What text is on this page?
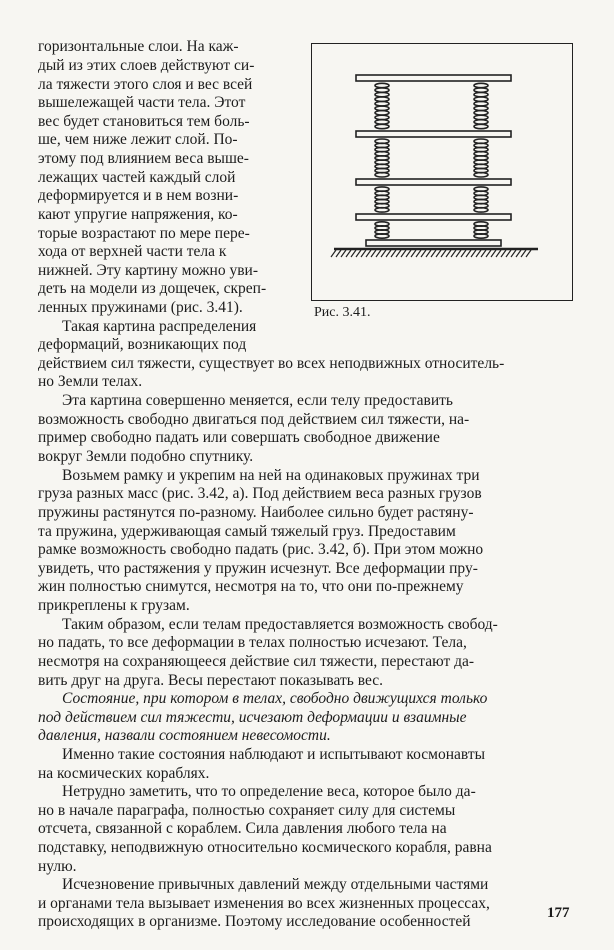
горизонтальные слои. На каж-
дый из этих слоев действуют си-
ла тяжести этого слоя и вес всей
вышележащей части тела. Этот
вес будет становиться тем боль-
ше, чем ниже лежит слой. По-
этому под влиянием веса выше-
лежащих частей каждый слой
деформируется и в нем возни-
кают упругие напряжения, ко-
торые возрастают по мере пере-
хода от верхней части тела к
нижней. Эту картину можно уви-
деть на модели из дощечек, скреп-
ленных пружинами (рис. 3.41).
Такая картина распределения
деформаций, возникающих под
Рис. 3.41.
действием сил тяжести, существует во всех неподвижных относитель-
но Земли телах.
Эта картина совершенно меняется, если телу предоставить
возможность свободно двигаться под действием сил тяжести, на-
пример свободно падать или совершать свободное движение
вокруг Земли подобно спутнику.
Возьмем рамку и укрепим на ней на одинаковых пружинах три
груза разных масс (рис. 3.42, а). Под действием веса разных грузов
пружины растянутся по-разному. Наиболее сильно будет растяну-
та пружина, удерживающая самый тяжелый груз. Предоставим
рамке возможность свободно падать (рис. 3.42, б). При этом можно
увидеть, что растяжения у пружин исчезнут. Все деформации пру-
жин полностью снимутся, несмотря на то, что они по-прежнему
прикреплены к грузам.
Таким образом, если телам предоставляется возможность свобод-
но падать, то все деформации в телах полностью исчезают. Тела,
несмотря на сохраняющееся действие сил тяжести, перестают да-
вить друг на друга. Весы перестают показывать вес.
Состояние, при котором в телах, свободно движущихся только
под действием сил тяжести, исчезают деформации и взаимные
давления, назвали состоянием невесомости.
Именно такие состояния наблюдают и испытывают космонавты
на космических кораблях.
Нетрудно заметить, что то определение веса, которое было да-
но в начале параграфа, полностью сохраняет силу для системы
отсчета, связанной с кораблем. Сила давления любого тела на
подставку, неподвижную относительно космического корабля, равна
нулю.
Исчезновение привычных давлений между отдельными частями
и органами тела вызывает изменения во всех жизненных процессах,
происходящих в организме. Поэтому исследование особенностей	177
